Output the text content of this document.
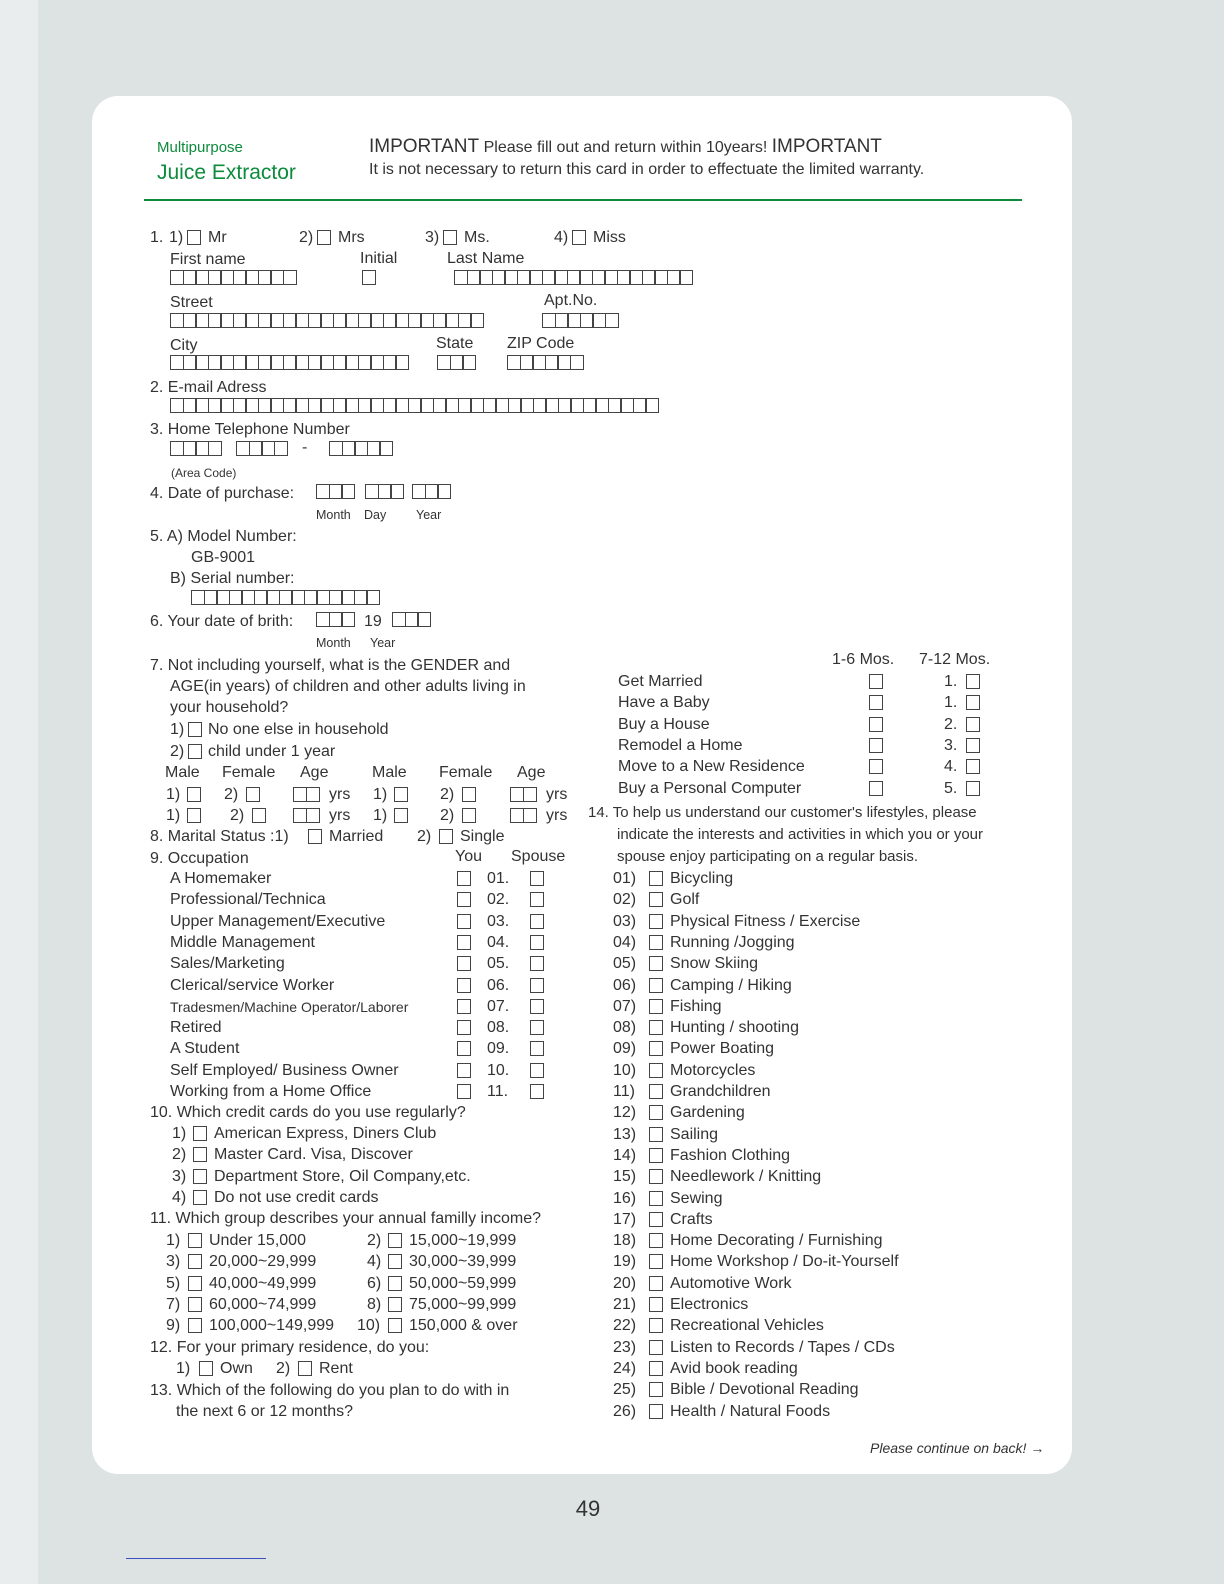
Multipurpose
Juice Extractor
IMPORTANT Please fill out and return within 10years! IMPORTANT
It is not necessary to return this card in order to effectuate the limited warranty.
1. 1) Mr	2) Mrs	3) Ms.	4) Miss
First name	Initial	Last Name
Street	Apt.No.
City	State ZIP Code
2. E-mail Adress
3. Home Telephone Number
-
(Area Code)
4. Date of purchase:
Month Day Year
5. A) Model Number:
GB-9001
B) Serial number:
6. Your date of brith:	19
Month Year
7. Not including yourself, what is the GENDER and
AGE(in years) of children and other adults living in
your household?
1) No one else in household
2) child under 1 year
Male Female Age	Male Female Age
1)	2)	yrs 1)	2)	yrs
1)	2)	yrs 1)	2)	yrs
8. Marital Status :1)	Married 2) Single
9. Occupation	You Spouse
A Homemaker	01.
Professional/Technica	02.
Upper Management/Executive	03.
Middle Management	04.
Sales/Marketing	05.
Clerical/service Worker	06.
Tradesmen/Machine Operator/Laborer	07.
Retired	08.
A Student	09.
Self Employed/ Business Owner	10.
Working from a Home Office	11.
10. Which credit cards do you use regularly?
1) American Express, Diners Club
2) Master Card. Visa, Discover
3) Department Store, Oil Company,etc.
4) Do not use credit cards
11. Which group describes your annual familly income?
1) Under 15,000	2) 15,000~19,999
3) 20,000~29,999	4) 30,000~39,999
5) 40,000~49,999	6) 50,000~59,999
7) 60,000~74,999	8) 75,000~99,999
9) 100,000~149,999 10) 150,000 & over
12. For your primary residence, do you:
1) Own 2) Rent
13. Which of the following do you plan to do with in
the next 6 or 12 months?
1-6 Mos. 7-12 Mos.
Get Married	1.
Have a Baby	1.
Buy a House	2.
Remodel a Home	3.
Move to a New Residence	4.
Buy a Personal Computer	5.
14. To help us understand our customer's lifestyles, please
indicate the interests and activities in which you or your
spouse enjoy participating on a regular basis.
01) Bicycling
02) Golf
03) Physical Fitness / Exercise
04) Running /Jogging
05) Snow Skiing
06) Camping / Hiking
07) Fishing
08) Hunting / shooting
09) Power Boating
10) Motorcycles
11) Grandchildren
12) Gardening
13) Sailing
14) Fashion Clothing
15) Needlework / Knitting
16) Sewing
17) Crafts
18) Home Decorating / Furnishing
19) Home Workshop / Do-it-Yourself
20) Automotive Work
21) Electronics
22) Recreational Vehicles
23) Listen to Records / Tapes / CDs
24) Avid book reading
25) Bible / Devotional Reading
26) Health / Natural Foods
Please continue on back! →
49
